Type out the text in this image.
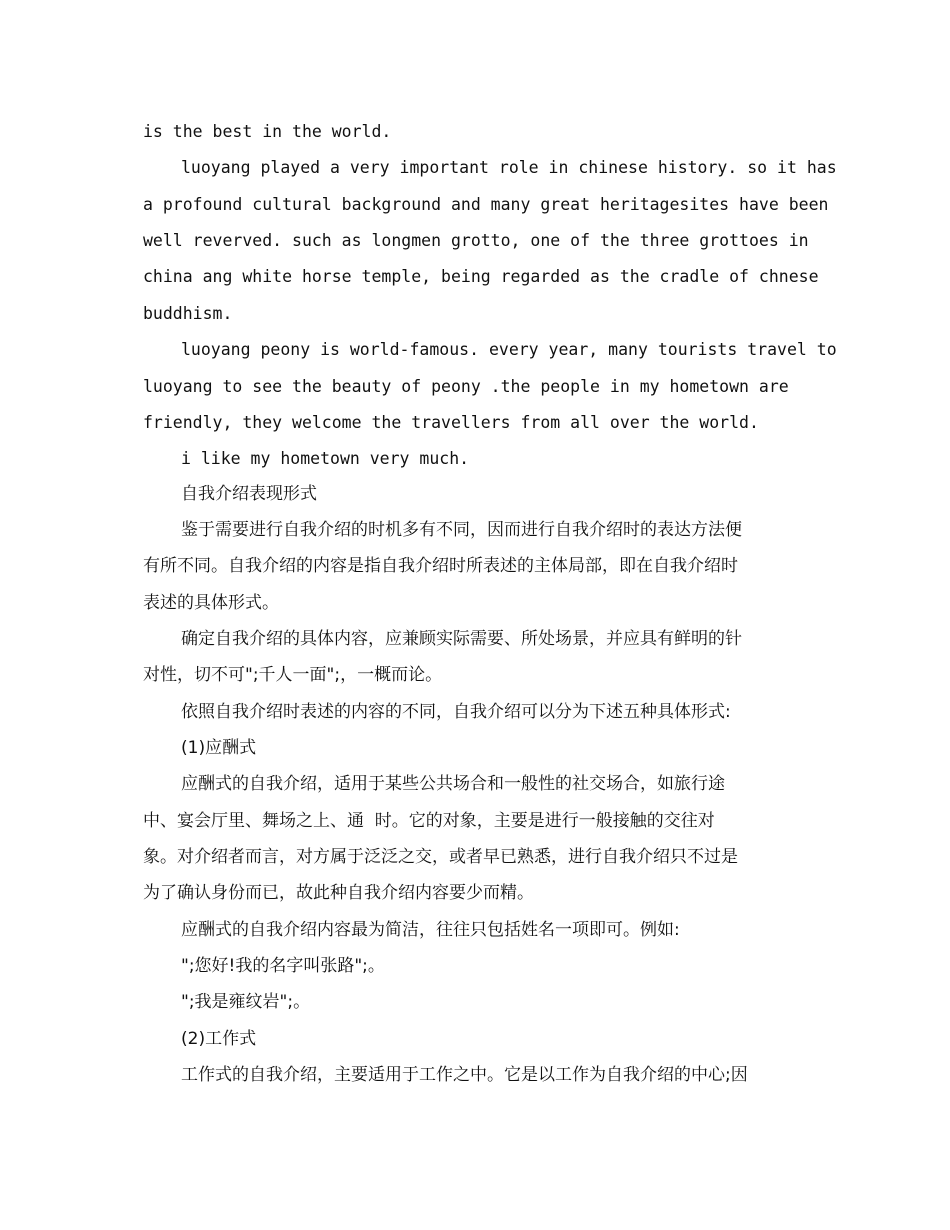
is the best in the world.
luoyang played a very important role in chinese history. so it has
a profound cultural background and many great heritagesites have been
well reverved. such as longmen grotto, one of the three grottoes in
china ang white horse temple, being regarded as the cradle of chnese
buddhism.
luoyang peony is world-famous. every year, many tourists travel to
luoyang to see the beauty of peony .the people in my hometown are
friendly, they welcome the travellers from all over the world.
i like my hometown very much.
自我介绍表现形式
鉴于需要进行自我介绍的时机多有不同，因而进行自我介绍时的表达方法便
有所不同。自我介绍的内容是指自我介绍时所表述的主体局部，即在自我介绍时
表述的具体形式。
确定自我介绍的具体内容，应兼顾实际需要、所处场景，并应具有鲜明的针
对性，切不可";千人一面";，一概而论。
依照自我介绍时表述的内容的不同，自我介绍可以分为下述五种具体形式:
(1)应酬式
应酬式的自我介绍，适用于某些公共场合和一般性的社交场合，如旅行途
中、宴会厅里、舞场之上、通  时。它的对象，主要是进行一般接触的交往对
象。对介绍者而言，对方属于泛泛之交，或者早已熟悉，进行自我介绍只不过是
为了确认身份而已，故此种自我介绍内容要少而精。
应酬式的自我介绍内容最为简洁，往往只包括姓名一项即可。例如:
";您好!我的名字叫张路";。
";我是雍纹岩";。
(2)工作式
工作式的自我介绍，主要适用于工作之中。它是以工作为自我介绍的中心;因
